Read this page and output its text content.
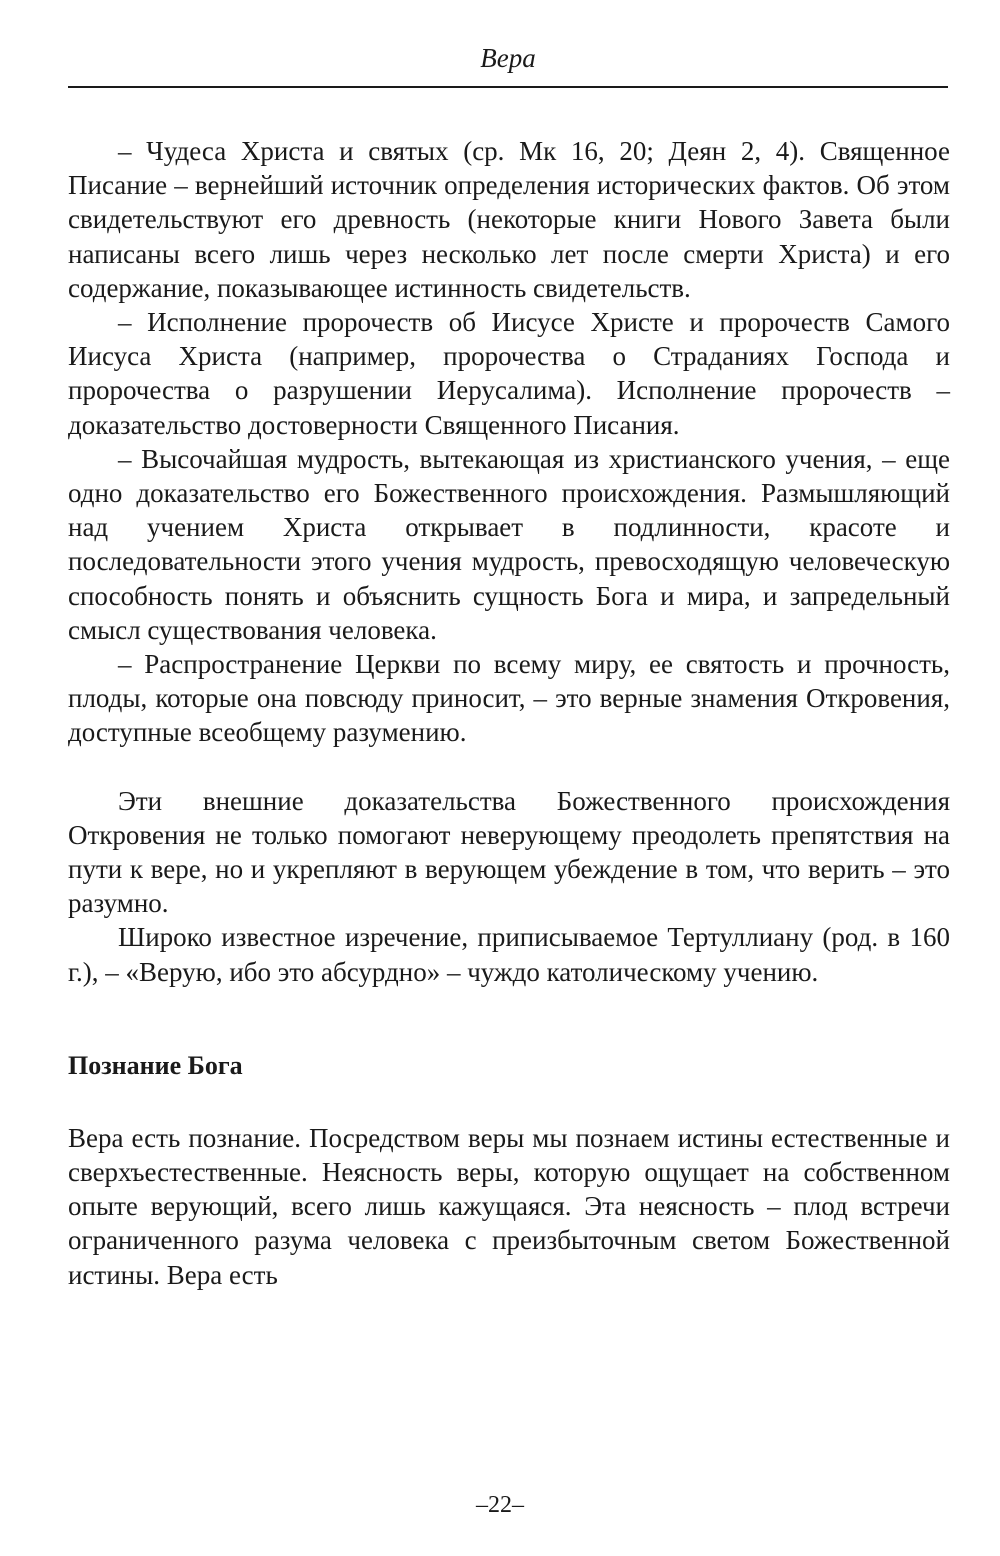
Вера

– Чудеса Христа и святых (ср. Мк 16, 20; Деян 2, 4). Священное Писание – вернейший источник определения исторических фактов. Об этом свидетельствуют его древность (некоторые книги Нового Завета были написаны всего лишь через несколько лет после смерти Христа) и его содержание, показывающее истинность свидетельств.

– Исполнение пророчеств об Иисусе Христе и пророчеств Самого Иисуса Христа (например, пророчества о Страданиях Господа и пророчества о разрушении Иерусалима). Исполнение пророчеств – доказательство достоверности Священного Писания.

– Высочайшая мудрость, вытекающая из христианского учения, – еще одно доказательство его Божественного происхождения. Размышляющий над учением Христа открывает в подлинности, красоте и последовательности этого учения мудрость, превосходящую человеческую способность понять и объяснить сущность Бога и мира, и запредельный смысл существования человека.

– Распространение Церкви по всему миру, ее святость и прочность, плоды, которые она повсюду приносит, – это верные знамения Откровения, доступные всеобщему разумению.

Эти внешние доказательства Божественного происхождения Откровения не только помогают неверующему преодолеть препятствия на пути к вере, но и укрепляют в верующем убеждение в том, что верить – это разумно.

Широко известное изречение, приписываемое Тертуллиану (род. в 160 г.), – «Верую, ибо это абсурдно» – чуждо католическому учению.

Познание Бога

Вера есть познание. Посредством веры мы познаем истины естественные и сверхъестественные. Неясность веры, которую ощущает на собственном опыте верующий, всего лишь кажущаяся. Эта неясность – плод встречи ограниченного разума человека с преизбыточным светом Божественной истины. Вера есть

–22–
